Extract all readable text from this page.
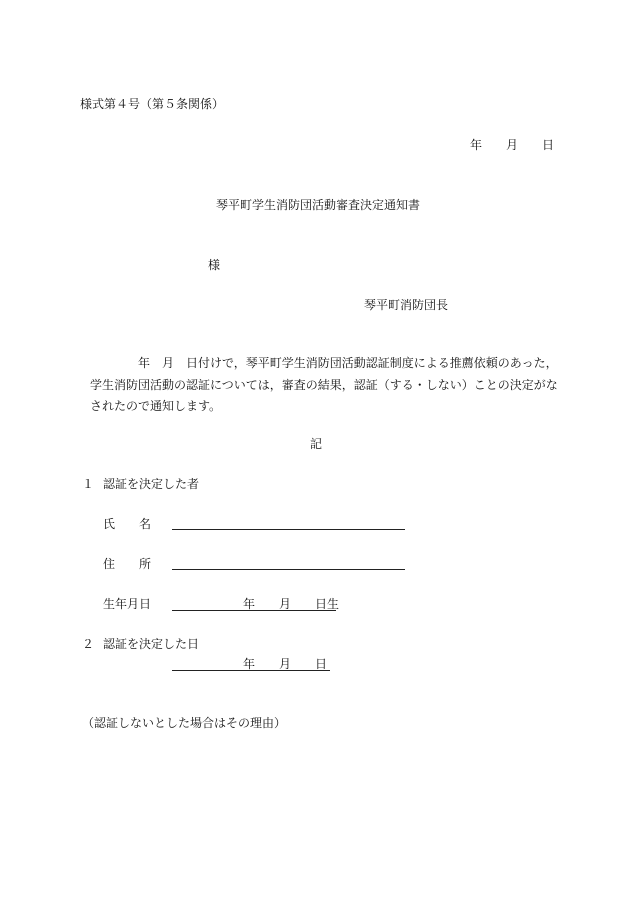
様式第４号（第５条関係）
年　　月　　日
琴平町学生消防団活動審査決定通知書
様
琴平町消防団長
年　月　日付けで，琴平町学生消防団活動認証制度による推薦依頼のあった，
学生消防団活動の認証については，審査の結果，認証（する・しない）ことの決定がな
されたので通知します。
記
１ 認証を決定した者
氏　　名
住　　所
生年月日	年　　月　　日生
２ 認証を決定した日
年　　月　　日
（認証しないとした場合はその理由）
